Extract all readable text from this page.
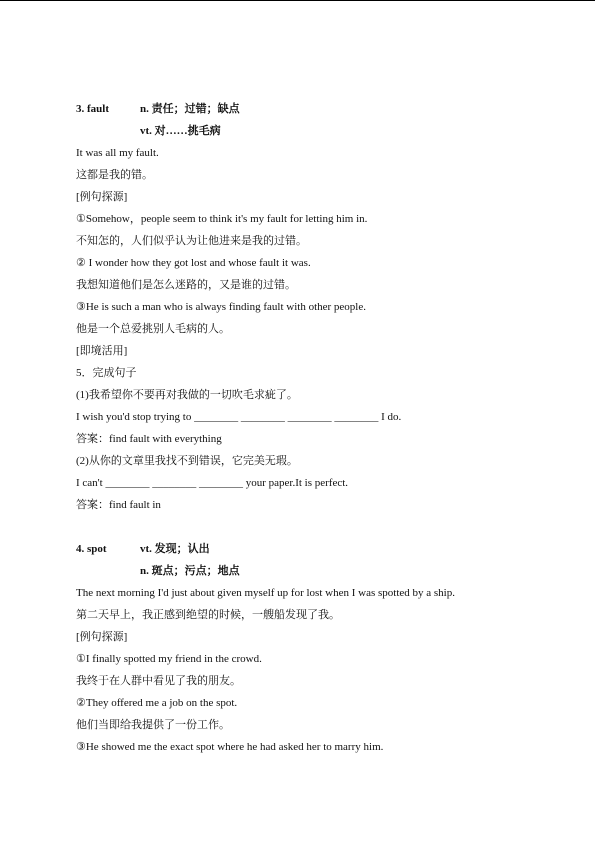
3. fault	n. 责任；过错；缺点
vt. 对……挑毛病
It was all my fault.
这都是我的错。
[例句探源]
①Somehow，people seem to think it's my fault for letting him in.
不知怎的，人们似乎认为让他进来是我的过错。
② I wonder how they got lost and whose fault it was.
我想知道他们是怎么迷路的，又是谁的过错。
③He is such a man who is always finding fault with other people.
他是一个总爱挑别人毛病的人。
[即境活用]
5．完成句子
(1)我希望你不要再对我做的一切吹毛求疵了。
I wish you'd stop trying to ________ ________ ________ ________ I do.
答案：find fault with everything
(2)从你的文章里我找不到错误，它完美无瑕。
I can't ________ ________ ________ your paper.It is perfect.
答案：find fault in
4. spot	vt. 发现；认出
n. 斑点；污点；地点
The next morning I'd just about given myself up for lost when I was spotted by a ship.
第二天早上，我正感到绝望的时候，一艘船发现了我。
[例句探源]
①I finally spotted my friend in the crowd.
我终于在人群中看见了我的朋友。
②They offered me a job on the spot.
他们当即给我提供了一份工作。
③He showed me the exact spot where he had asked her to marry him.
